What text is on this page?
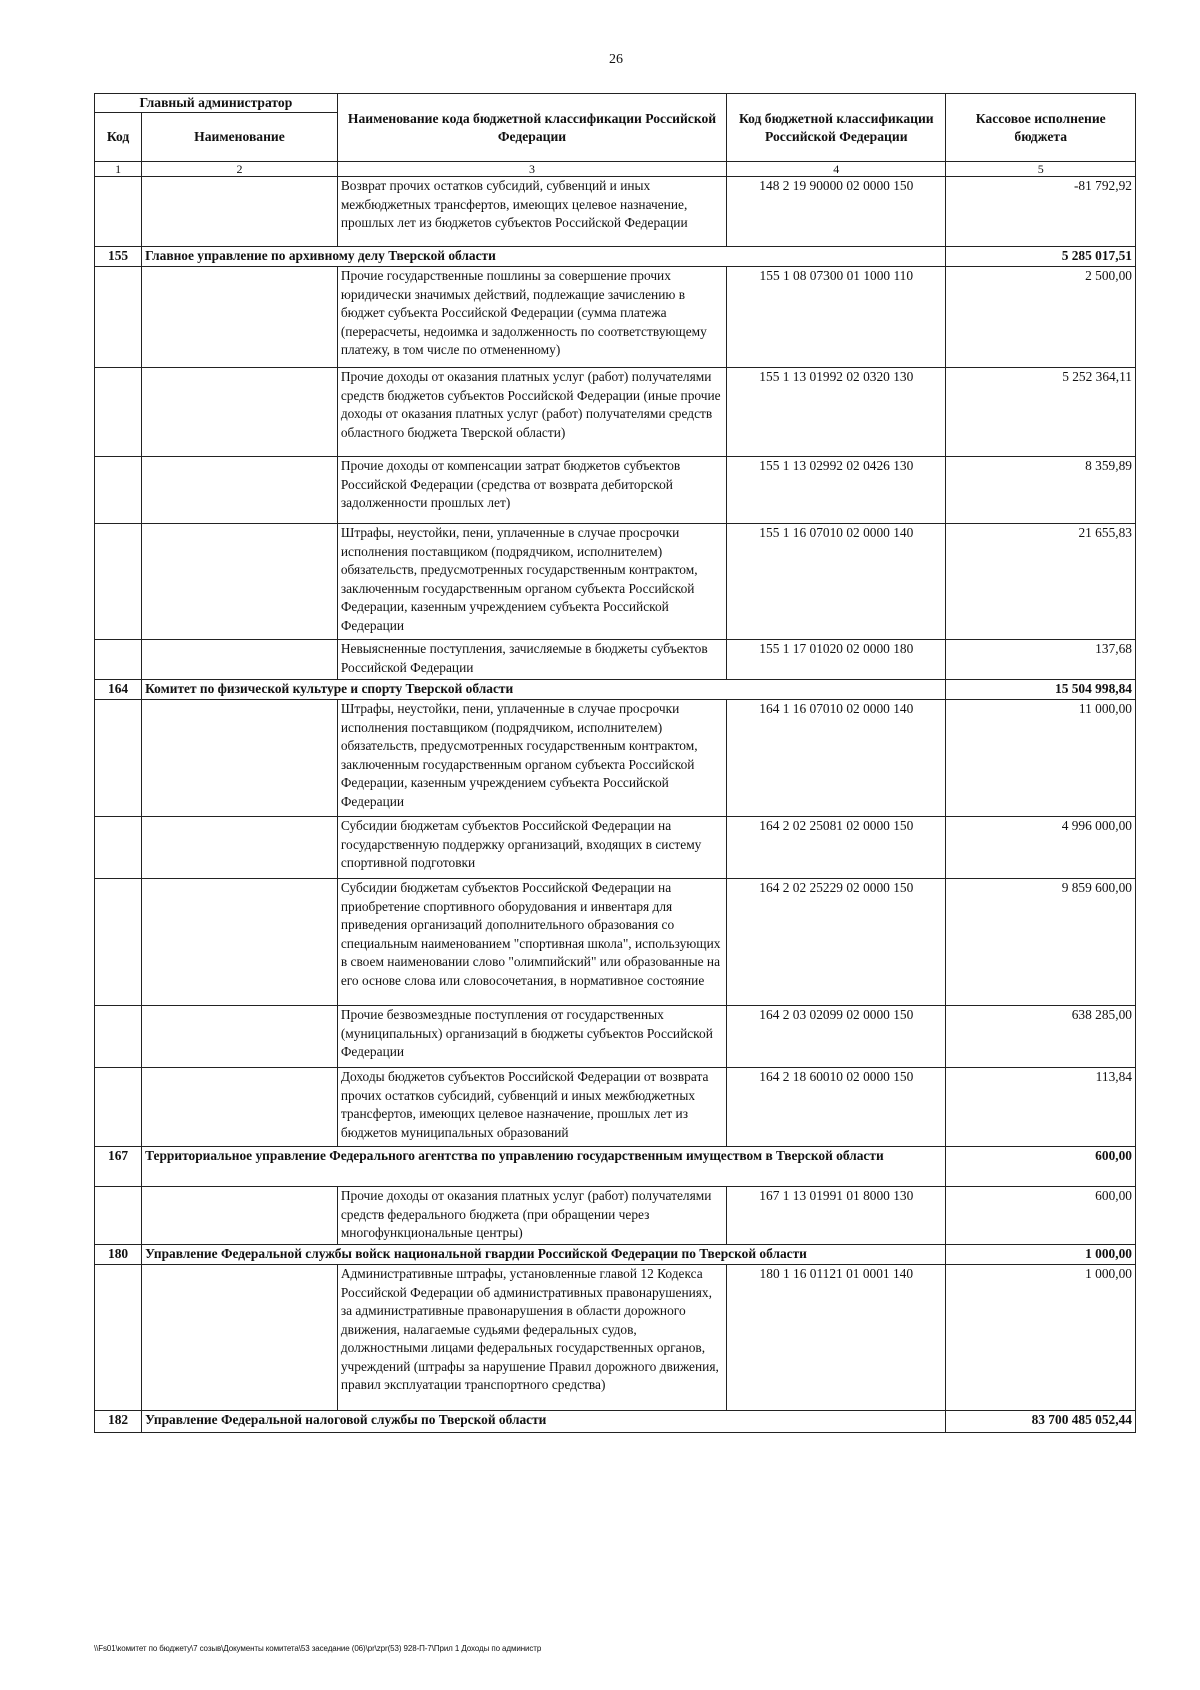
26
Главный администратор		Наименование кода бюджетной классификации Российской Федерации	Код бюджетной классификации Российской Федерации	Кассовое исполнение бюджета
Код	Наименование			
1	2	3	4	5
		Возврат прочих остатков субсидий, субвенций и иных межбюджетных трансфертов, имеющих целевое назначение, прошлых лет из бюджетов субъектов Российской Федерации	148 2 19 90000 02 0000 150	-81 792,92
155	Главное управление по архивному делу Тверской области			5 285 017,51
		Прочие государственные пошлины за совершение прочих юридически значимых действий, подлежащие зачислению в бюджет субъекта Российской Федерации (сумма платежа (перерасчеты, недоимка и задолженность по соответствующему платежу, в том числе по отмененному)	155 1 08 07300 01 1000 110	2 500,00
		Прочие доходы от оказания платных услуг (работ) получателями средств бюджетов субъектов Российской Федерации (иные прочие доходы от оказания платных услуг (работ) получателями средств областного бюджета Тверской области)	155 1 13 01992 02 0320 130	5 252 364,11
		Прочие доходы от компенсации затрат бюджетов субъектов Российской Федерации (средства от возврата дебиторской задолженности прошлых лет)	155 1 13 02992 02 0426 130	8 359,89
		Штрафы, неустойки, пени, уплаченные в случае просрочки исполнения поставщиком (подрядчиком, исполнителем) обязательств, предусмотренных государственным контрактом, заключенным государственным органом субъекта Российской Федерации, казенным учреждением субъекта Российской Федерации	155 1 16 07010 02 0000 140	21 655,83
		Невыясненные поступления, зачисляемые в бюджеты субъектов Российской Федерации	155 1 17 01020 02 0000 180	137,68
164	Комитет по физической культуре и спорту Тверской области			15 504 998,84
		Штрафы, неустойки, пени, уплаченные в случае просрочки исполнения поставщиком (подрядчиком, исполнителем) обязательств, предусмотренных государственным контрактом, заключенным государственным органом субъекта Российской Федерации, казенным учреждением субъекта Российской Федерации	164 1 16 07010 02 0000 140	11 000,00
		Субсидии бюджетам субъектов Российской Федерации на государственную поддержку организаций, входящих в систему спортивной подготовки	164 2 02 25081 02 0000 150	4 996 000,00
		Субсидии бюджетам субъектов Российской Федерации на приобретение спортивного оборудования и инвентаря для приведения организаций дополнительного образования со специальным наименованием "спортивная школа", использующих в своем наименовании слово "олимпийский" или образованные на его основе слова или словосочетания, в нормативное состояние	164 2 02 25229 02 0000 150	9 859 600,00
		Прочие безвозмездные поступления от государственных (муниципальных) организаций в бюджеты субъектов Российской Федерации	164 2 03 02099 02 0000 150	638 285,00
		Доходы бюджетов субъектов Российской Федерации от возврата прочих остатков субсидий, субвенций и иных межбюджетных трансфертов, имеющих целевое назначение, прошлых лет из бюджетов муниципальных образований	164 2 18 60010 02 0000 150	113,84
167	Территориальное управление Федерального агентства по управлению государственным имуществом в Тверской области			600,00
		Прочие доходы от оказания платных услуг (работ) получателями средств федерального бюджета (при обращении через многофункциональные центры)	167 1 13 01991 01 8000 130	600,00
180	Управление Федеральной службы войск национальной гвардии Российской Федерации по Тверской области			1 000,00
		Административные штрафы, установленные главой 12 Кодекса Российской Федерации об административных правонарушениях, за административные правонарушения в области дорожного движения, налагаемые судьями федеральных судов, должностными лицами федеральных государственных органов, учреждений (штрафы за нарушение Правил дорожного движения, правил эксплуатации транспортного средства)	180 1 16 01121 01 0001 140	1 000,00
182	Управление Федеральной налоговой службы по Тверской области			83 700 485 052,44
\\Fs01\комитет по бюджету\7 созыв\Документы комитета\53 заседание (06)\pr\zpr(53) 928-П-7\Прил 1 Доходы по администр
